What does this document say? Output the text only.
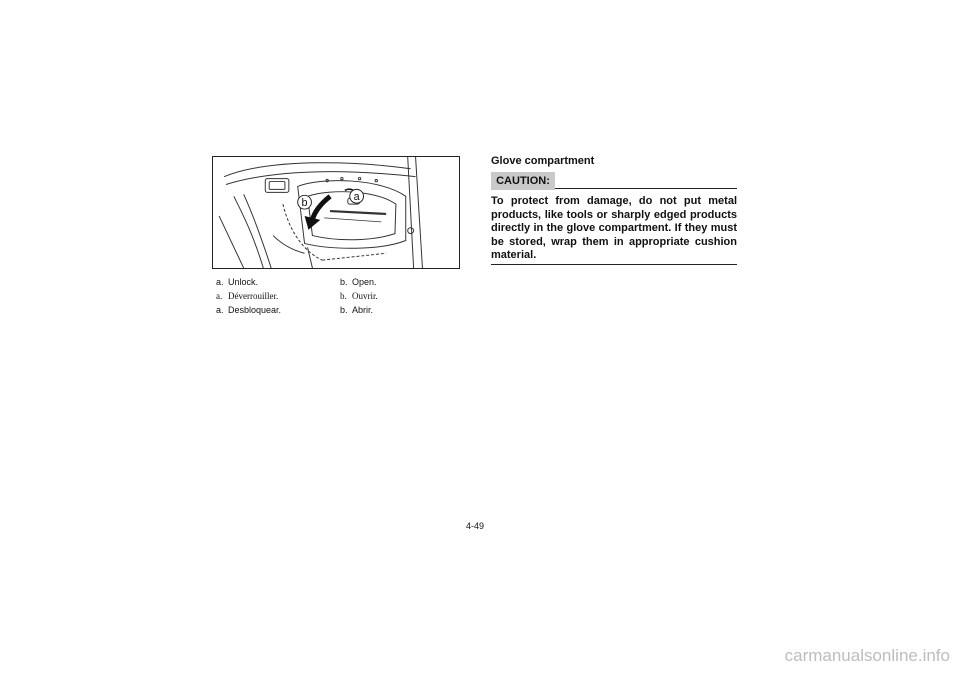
b	a
a. Unlock.
a. Déverrouiller.
a. Desbloquear.
b. Open.
b. Ouvrir.
b. Abrir.
Glove compartment
CAUTION:
To protect from damage, do not put metal products, like tools or sharply edged products directly in the glove compartment. If they must be stored, wrap them in appropriate cushion material.
4-49
carmanualsonline.info
